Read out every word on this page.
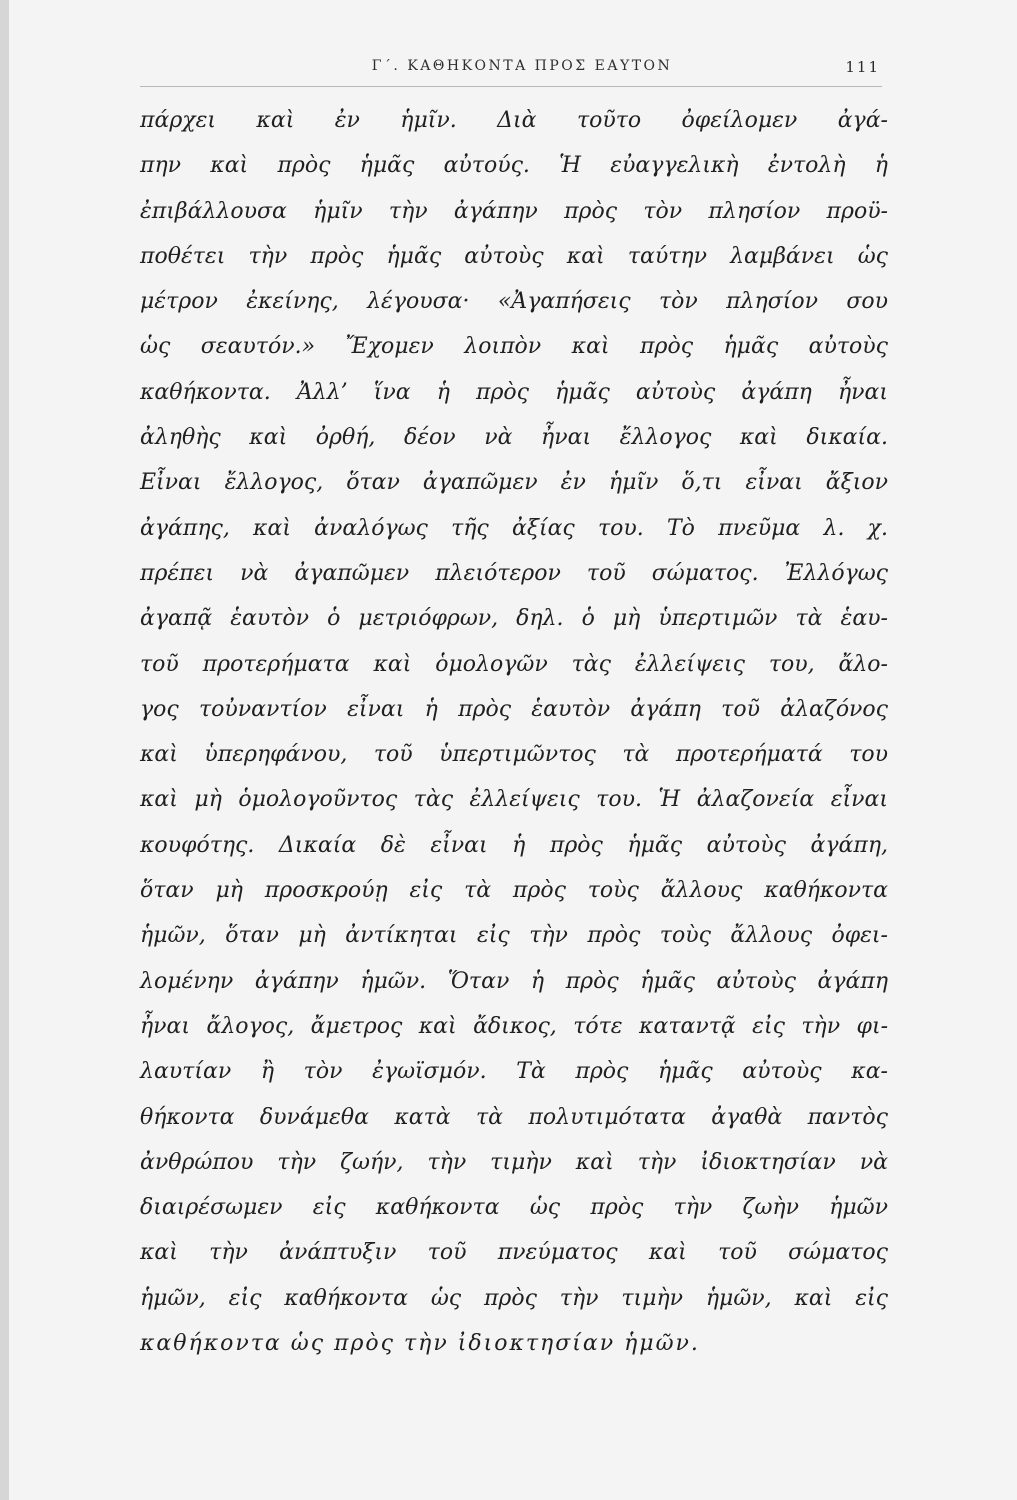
Γ΄. ΚΑΘΗΚΟΝΤΑ ΠΡΟΣ ΕΑΥΤΟΝ	111
πάρχει καὶ ἐν ἡμῖν. Διὰ τοῦτο ὀφείλομεν ἀγά-
πην καὶ πρὸς ἡμᾶς αὐτούς. Ἡ εὐαγγελικὴ ἐντολὴ ἡ
ἐπιβάλλουσα ἡμῖν τὴν ἀγάπην πρὸς τὸν πλησίον προϋ-
ποθέτει τὴν πρὸς ἡμᾶς αὐτοὺς καὶ ταύτην λαμβάνει ὡς
μέτρον ἐκείνης, λέγουσα· «Ἀγαπήσεις τὸν πλησίον σου
ὡς σεαυτόν.» Ἔχομεν λοιπὸν καὶ πρὸς ἡμᾶς αὐτοὺς
καθήκοντα. Ἀλλ’ ἵνα ἡ πρὸς ἡμᾶς αὐτοὺς ἀγάπη ἦναι
ἀληθὴς καὶ ὀρθή, δέον νὰ ἦναι ἔλλογος καὶ δικαία.
Εἶναι ἔλλογος, ὅταν ἀγαπῶμεν ἐν ἡμῖν ὅ,τι εἶναι ἄξιον
ἀγάπης, καὶ ἀναλόγως τῆς ἀξίας του. Τὸ πνεῦμα λ. χ.
πρέπει νὰ ἀγαπῶμεν πλειότερον τοῦ σώματος. Ἐλλόγως
ἀγαπᾷ ἑαυτὸν ὁ μετριόφρων, δηλ. ὁ μὴ ὑπερτιμῶν τὰ ἑαυ-
τοῦ προτερήματα καὶ ὁμολογῶν τὰς ἐλλείψεις του, ἄλο-
γος τοὐναντίον εἶναι ἡ πρὸς ἑαυτὸν ἀγάπη τοῦ ἀλαζόνος
καὶ ὑπερηφάνου, τοῦ ὑπερτιμῶντος τὰ προτερήματά του
καὶ μὴ ὁμολογοῦντος τὰς ἐλλείψεις του. Ἡ ἀλαζονεία εἶναι
κουφότης. Δικαία δὲ εἶναι ἡ πρὸς ἡμᾶς αὐτοὺς ἀγάπη,
ὅταν μὴ προσκρούῃ εἰς τὰ πρὸς τοὺς ἄλλους καθήκοντα
ἡμῶν, ὅταν μὴ ἀντίκηται εἰς τὴν πρὸς τοὺς ἄλλους ὀφει-
λομένην ἀγάπην ἡμῶν. Ὅταν ἡ πρὸς ἡμᾶς αὐτοὺς ἀγάπη
ἦναι ἄλογος, ἄμετρος καὶ ἄδικος, τότε καταντᾷ εἰς τὴν φι-
λαυτίαν ἢ τὸν ἐγωϊσμόν. Τὰ πρὸς ἡμᾶς αὐτοὺς κα-
θήκοντα δυνάμεθα κατὰ τὰ πολυτιμότατα ἀγαθὰ παντὸς
ἀνθρώπου τὴν ζωήν, τὴν τιμὴν καὶ τὴν ἰδιοκτησίαν νὰ
διαιρέσωμεν εἰς καθήκοντα ὡς πρὸς τὴν ζωὴν ἡμῶν
καὶ τὴν ἀνάπτυξιν τοῦ πνεύματος καὶ τοῦ σώματος
ἡμῶν, εἰς καθήκοντα ὡς πρὸς τὴν τιμὴν ἡμῶν, καὶ εἰς
καθήκοντα ὡς πρὸς τὴν ἰδιοκτησίαν ἡμῶν.
